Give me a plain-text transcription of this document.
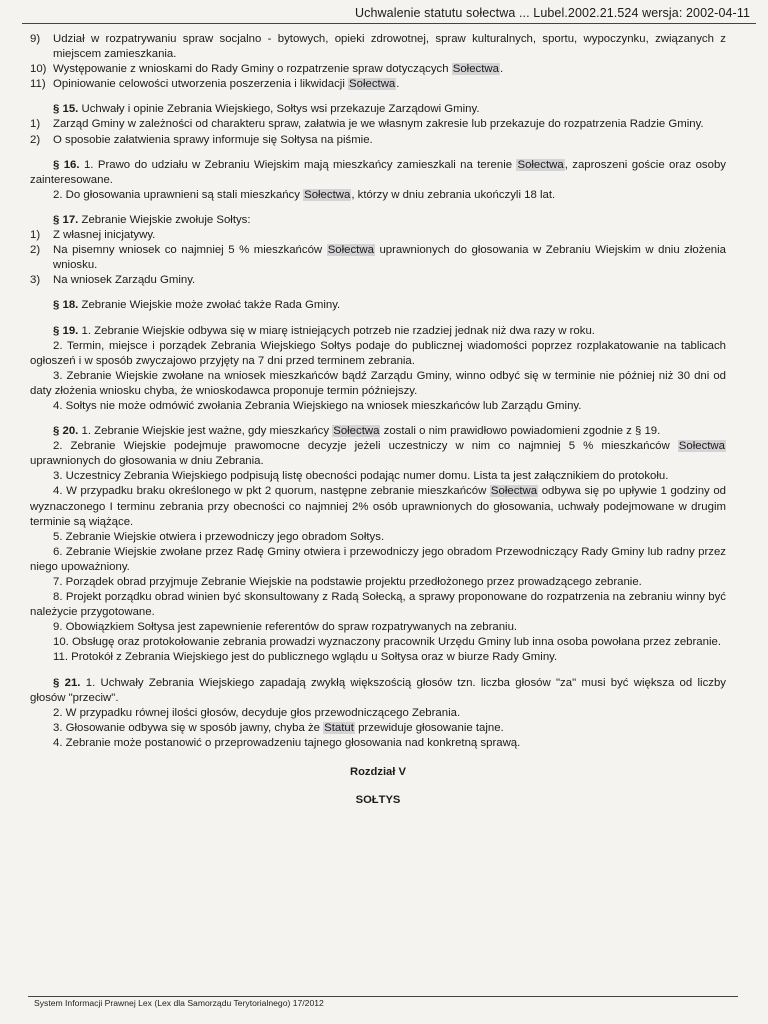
Uchwalenie statutu sołectwa ... Lubel.2002.21.524 wersja: 2002-04-11
9) Udział w rozpatrywaniu spraw socjalno - bytowych, opieki zdrowotnej, spraw kulturalnych, sportu, wypoczynku, związanych z miejscem zamieszkania.
10) Występowanie z wnioskami do Rady Gminy o rozpatrzenie spraw dotyczących Sołectwa.
11) Opiniowanie celowości utworzenia poszerzenia i likwidacji Sołectwa.

§ 15. Uchwały i opinie Zebrania Wiejskiego, Sołtys wsi przekazuje Zarządowi Gminy.

1) Zarząd Gminy w zależności od charakteru spraw, załatwia je we własnym zakresie lub przekazuje do rozpatrzenia Radzie Gminy.
2) O sposobie załatwienia sprawy informuje się Sołtysa na piśmie.

§ 16. 1. Prawo do udziału w Zebraniu Wiejskim mają mieszkańcy zamieszkali na terenie Sołectwa, zaproszeni goście oraz osoby zainteresowane.

2. Do głosowania uprawnieni są stali mieszkańcy Sołectwa, którzy w dniu zebrania ukończyli 18 lat.

§ 17. Zebranie Wiejskie zwołuje Sołtys:

1) Z własnej inicjatywy.
2) Na pisemny wniosek co najmniej 5 % mieszkańców Sołectwa uprawnionych do głosowania w Zebraniu Wiejskim w dniu złożenia wniosku.
3) Na wniosek Zarządu Gminy.

§ 18. Zebranie Wiejskie może zwołać także Rada Gminy.

§ 19. 1. Zebranie Wiejskie odbywa się w miarę istniejących potrzeb nie rzadziej jednak niż dwa razy w roku.

2. Termin, miejsce i porządek Zebrania Wiejskiego Sołtys podaje do publicznej wiadomości poprzez rozplakatowanie na tablicach ogłoszeń i w sposób zwyczajowo przyjęty na 7 dni przed terminem zebrania.

3. Zebranie Wiejskie zwołane na wniosek mieszkańców bądź Zarządu Gminy, winno odbyć się w terminie nie później niż 30 dni od daty złożenia wniosku chyba, że wnioskodawca proponuje termin późniejszy.

4. Sołtys nie może odmówić zwołania Zebrania Wiejskiego na wniosek mieszkańców lub Zarządu Gminy.

§ 20. 1. Zebranie Wiejskie jest ważne, gdy mieszkańcy Sołectwa zostali o nim prawidłowo powiadomieni zgodnie z § 19.

2. Zebranie Wiejskie podejmuje prawomocne decyzje jeżeli uczestniczy w nim co najmniej 5 % mieszkańców Sołectwa uprawnionych do głosowania w dniu Zebrania.

3. Uczestnicy Zebrania Wiejskiego podpisują listę obecności podając numer domu. Lista ta jest załącznikiem do protokołu.

4. W przypadku braku określonego w pkt 2 quorum, następne zebranie mieszkańców Sołectwa odbywa się po upływie 1 godziny od wyznaczonego I terminu zebrania przy obecności co najmniej 2% osób uprawnionych do głosowania, uchwały podejmowane w drugim terminie są wiążące.

5. Zebranie Wiejskie otwiera i przewodniczy jego obradom Sołtys.

6. Zebranie Wiejskie zwołane przez Radę Gminy otwiera i przewodniczy jego obradom Przewodniczący Rady Gminy lub radny przez niego upoważniony.

7. Porządek obrad przyjmuje Zebranie Wiejskie na podstawie projektu przedłożonego przez prowadzącego zebranie.

8. Projekt porządku obrad winien być skonsultowany z Radą Sołecką, a sprawy proponowane do rozpatrzenia na zebraniu winny być należycie przygotowane.

9. Obowiązkiem Sołtysa jest zapewnienie referentów do spraw rozpatrywanych na zebraniu.

10. Obsługę oraz protokołowanie zebrania prowadzi wyznaczony pracownik Urzędu Gminy lub inna osoba powołana przez zebranie.

11. Protokół z Zebrania Wiejskiego jest do publicznego wglądu u Sołtysa oraz w biurze Rady Gminy.

§ 21. 1. Uchwały Zebrania Wiejskiego zapadają zwykłą większością głosów tzn. liczba głosów "za" musi być większa od liczby głosów "przeciw".

2. W przypadku równej ilości głosów, decyduje głos przewodniczącego Zebrania.

3. Głosowanie odbywa się w sposób jawny, chyba że Statut przewiduje głosowanie tajne.

4. Zebranie może postanowić o przeprowadzeniu tajnego głosowania nad konkretną sprawą.

Rozdział V

SOŁTYS

System Informacji Prawnej Lex (Lex dla Samorządu Terytorialnego) 17/2012
